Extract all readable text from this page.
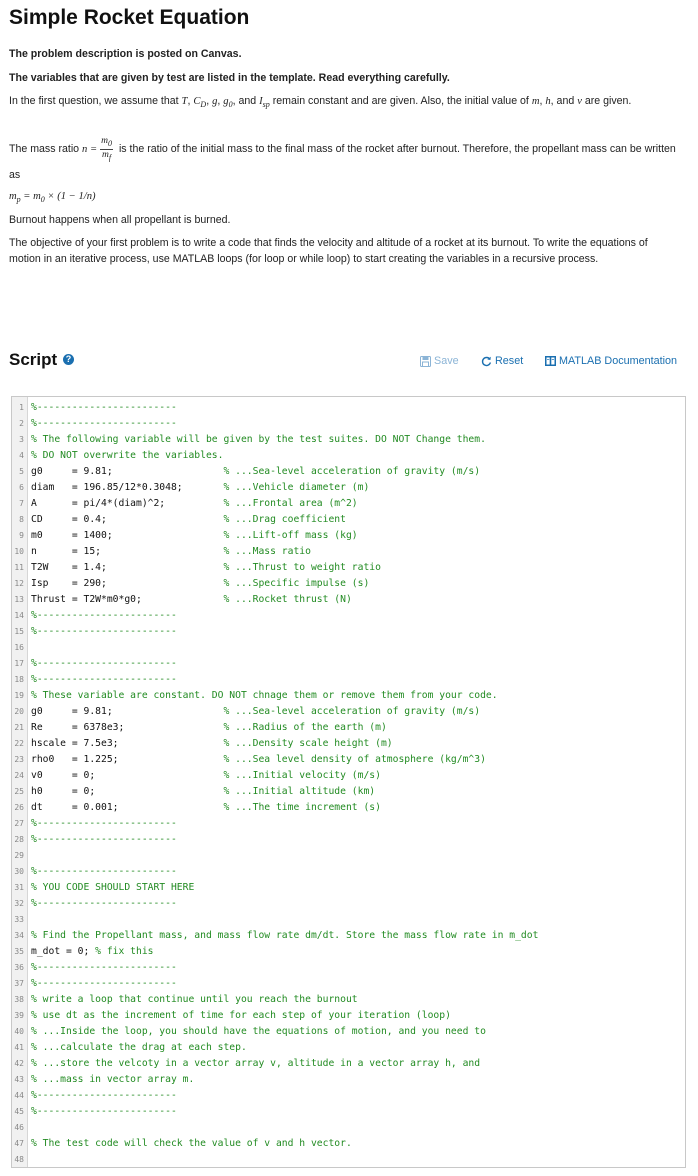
Simple Rocket Equation
The problem description is posted on Canvas.
The variables that are given by test are listed in the template. Read everything carefully.
In the first question, we assume that T, $C_D$, g, $g_0$, and $I_{sp}$ remain constant and are given. Also, the initial value of m, h, and v are given.
The mass ratio $n = \frac{m_0}{m_f}$ is the ratio of the initial mass to the final mass of the rocket after burnout. Therefore, the propellant mass can be written as
$m_p = m_0 \times (1 - 1/n)$
Burnout happens when all propellant is burned.
The objective of your first problem is to write a code that finds the velocity and altitude of a rocket at its burnout. To write the equations of motion in an iterative process, use MATLAB loops (for loop or while loop) to start creating the variables in a recursive process.
Script ?	Save	Reset	MATLAB Documentation
1 %------------------------
2 %------------------------
3 % The following variable will be given by the test suites. DO NOT Change them.
4 % DO NOT overwrite the variables.
5 g0     = 9.81;                   % ...Sea-level acceleration of gravity (m/s)
6 diam   = 196.85/12*0.3048;       % ...Vehicle diameter (m)
7 A      = pi/4*(diam)^2;          % ...Frontal area (m^2)
8 CD     = 0.4;                    % ...Drag coefficient
9 m0     = 1400;                   % ...Lift-off mass (kg)
10 n      = 15;                     % ...Mass ratio
11 T2W    = 1.4;                    % ...Thrust to weight ratio
12 Isp    = 290;                    % ...Specific impulse (s)
13 Thrust = T2W*m0*g0;              % ...Rocket thrust (N)
14 %------------------------
15 %------------------------
16
17 %------------------------
18 %------------------------
19 % These variable are constant. DO NOT chnage them or remove them from your code.
20 g0     = 9.81;                   % ...Sea-level acceleration of gravity (m/s)
21 Re     = 6378e3;                 % ...Radius of the earth (m)
22 hscale = 7.5e3;                  % ...Density scale height (m)
23 rho0   = 1.225;                  % ...Sea level density of atmosphere (kg/m^3)
24 v0     = 0;                      % ...Initial velocity (m/s)
25 h0     = 0;                      % ...Initial altitude (km)
26 dt     = 0.001;                  % ...The time increment (s)
27 %------------------------
28 %------------------------
29
30 %------------------------
31 % YOU CODE SHOULD START HERE
32 %------------------------
33
34 % Find the Propellant mass, and mass flow rate dm/dt. Store the mass flow rate in m_dot
35 m_dot = 0; % fix this
36 %------------------------
37 %------------------------
38 % write a loop that continue until you reach the burnout
39 % use dt as the increment of time for each step of your iteration (loop)
40 % ...Inside the loop, you should have the equations of motion, and you need to
41 % ...calculate the drag at each step.
42 % ...store the velcoty in a vector array v, altitude in a vector array h, and
43 % ...mass in vector array m.
44 %------------------------
45 %------------------------
46
47 % The test code will check the value of v and h vector.
48
